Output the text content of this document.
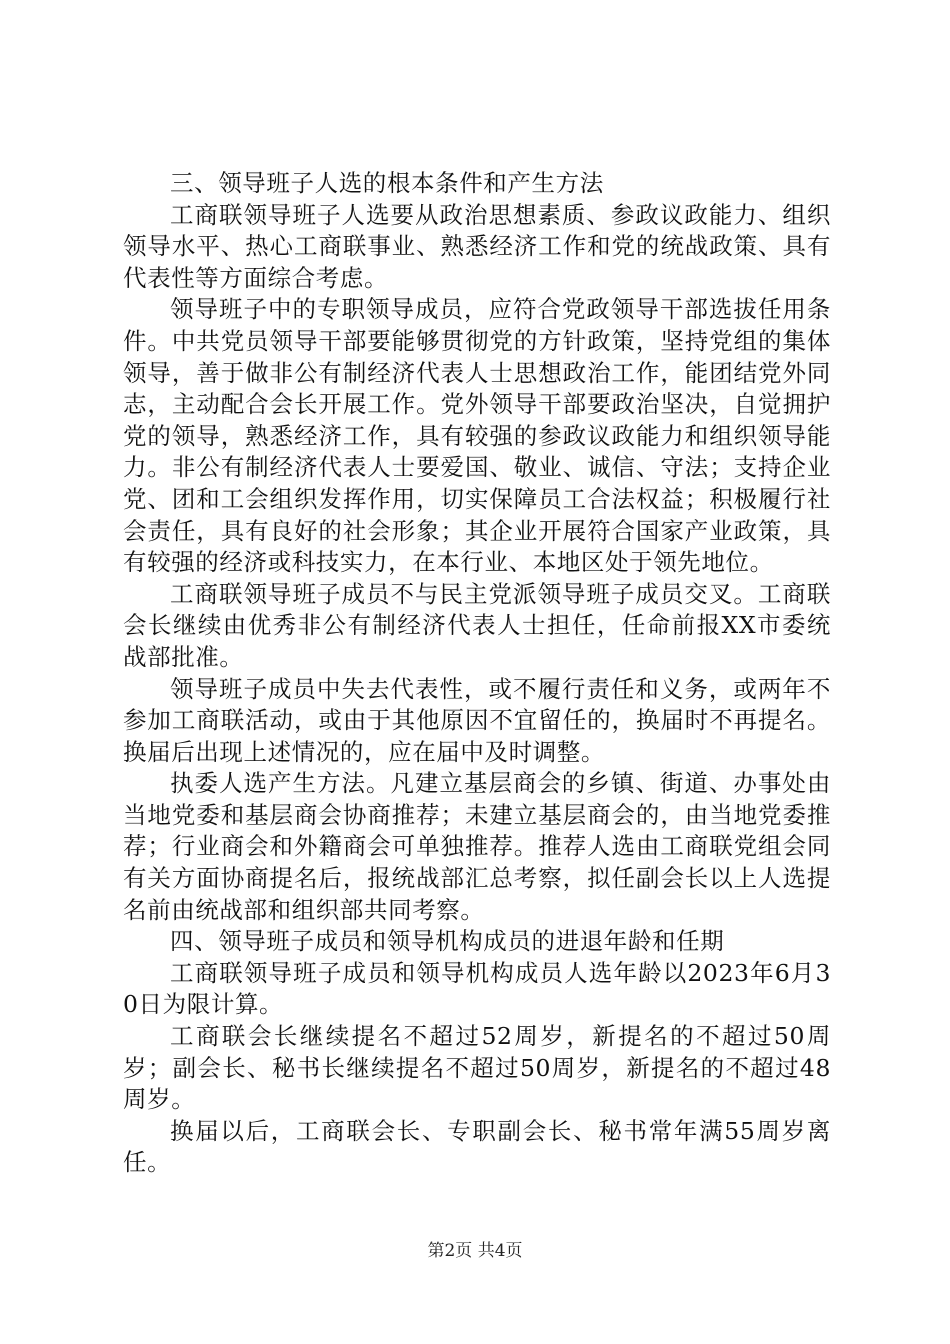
三、领导班子人选的根本条件和产生方法

工商联领导班子人选要从政治思想素质、参政议政能力、组织领导水平、热心工商联事业、熟悉经济工作和党的统战政策、具有代表性等方面综合考虑。

领导班子中的专职领导成员，应符合党政领导干部选拔任用条件。中共党员领导干部要能够贯彻党的方针政策，坚持党组的集体领导，善于做非公有制经济代表人士思想政治工作，能团结党外同志，主动配合会长开展工作。党外领导干部要政治坚决，自觉拥护党的领导，熟悉经济工作，具有较强的参政议政能力和组织领导能力。非公有制经济代表人士要爱国、敬业、诚信、守法；支持企业党、团和工会组织发挥作用，切实保障员工合法权益；积极履行社会责任，具有良好的社会形象；其企业开展符合国家产业政策，具有较强的经济或科技实力，在本行业、本地区处于领先地位。

工商联领导班子成员不与民主党派领导班子成员交叉。工商联会长继续由优秀非公有制经济代表人士担任，任命前报XX市委统战部批准。

领导班子成员中失去代表性，或不履行责任和义务，或两年不参加工商联活动，或由于其他原因不宜留任的，换届时不再提名。换届后出现上述情况的，应在届中及时调整。

执委人选产生方法。凡建立基层商会的乡镇、街道、办事处由当地党委和基层商会协商推荐；未建立基层商会的，由当地党委推荐；行业商会和外籍商会可单独推荐。推荐人选由工商联党组会同有关方面协商提名后，报统战部汇总考察，拟任副会长以上人选提名前由统战部和组织部共同考察。

四、领导班子成员和领导机构成员的进退年龄和任期

工商联领导班子成员和领导机构成员人选年龄以2023年6月30日为限计算。

工商联会长继续提名不超过52周岁，新提名的不超过50周岁；副会长、秘书长继续提名不超过50周岁，新提名的不超过48周岁。

换届以后，工商联会长、专职副会长、秘书常年满55周岁离任。

第2页 共4页
